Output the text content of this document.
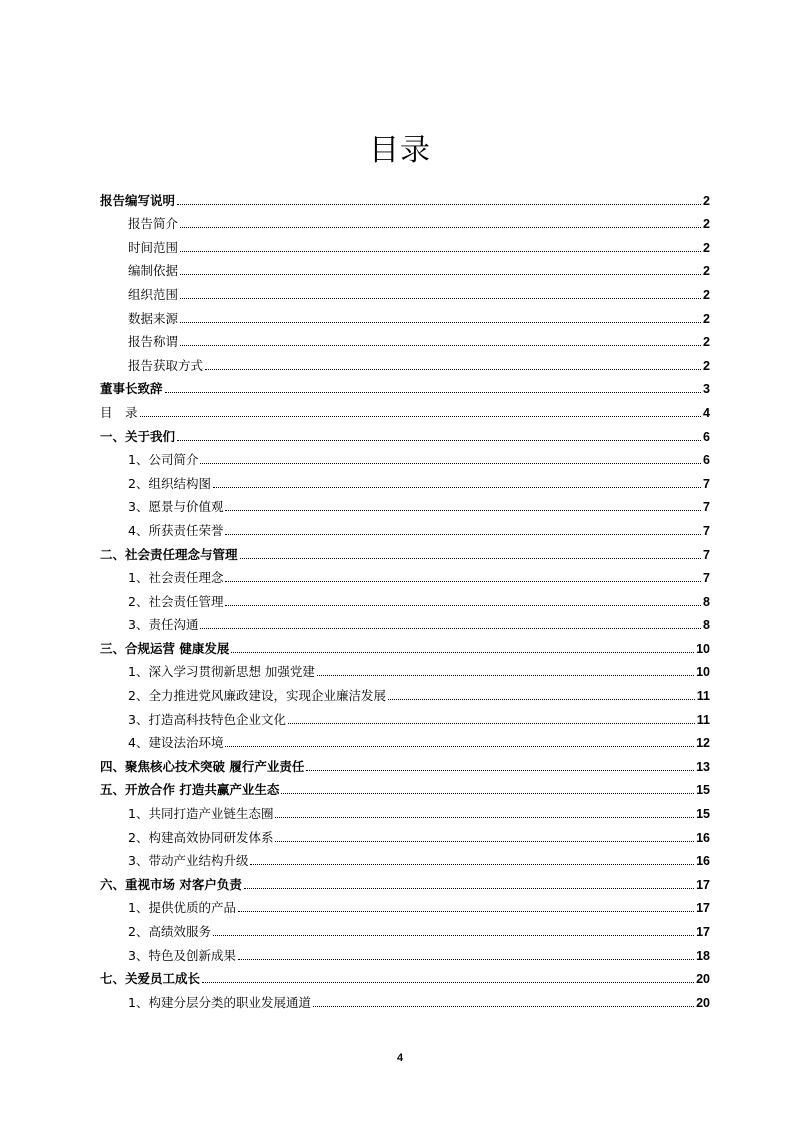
目录
报告编写说明	2
报告简介	2
时间范围	2
编制依据	2
组织范围	2
数据来源	2
报告称谓	2
报告获取方式	2
董事长致辞	3
目　录	4
一、关于我们	6
1、公司简介	6
2、组织结构图	7
3、愿景与价值观	7
4、所获责任荣誉	7
二、社会责任理念与管理	7
1、社会责任理念	7
2、社会责任管理	8
3、责任沟通	8
三、合规运营 健康发展	10
1、深入学习贯彻新思想 加强党建	10
2、全力推进党风廉政建设，实现企业廉洁发展	11
3、打造高科技特色企业文化	11
4、建设法治环境	12
四、聚焦核心技术突破 履行产业责任	13
五、开放合作 打造共赢产业生态	15
1、共同打造产业链生态圈	15
2、构建高效协同研发体系	16
3、带动产业结构升级	16
六、重视市场 对客户负责	17
1、提供优质的产品	17
2、高绩效服务	17
3、特色及创新成果	18
七、关爱员工成长	20
1、构建分层分类的职业发展通道	20
4
